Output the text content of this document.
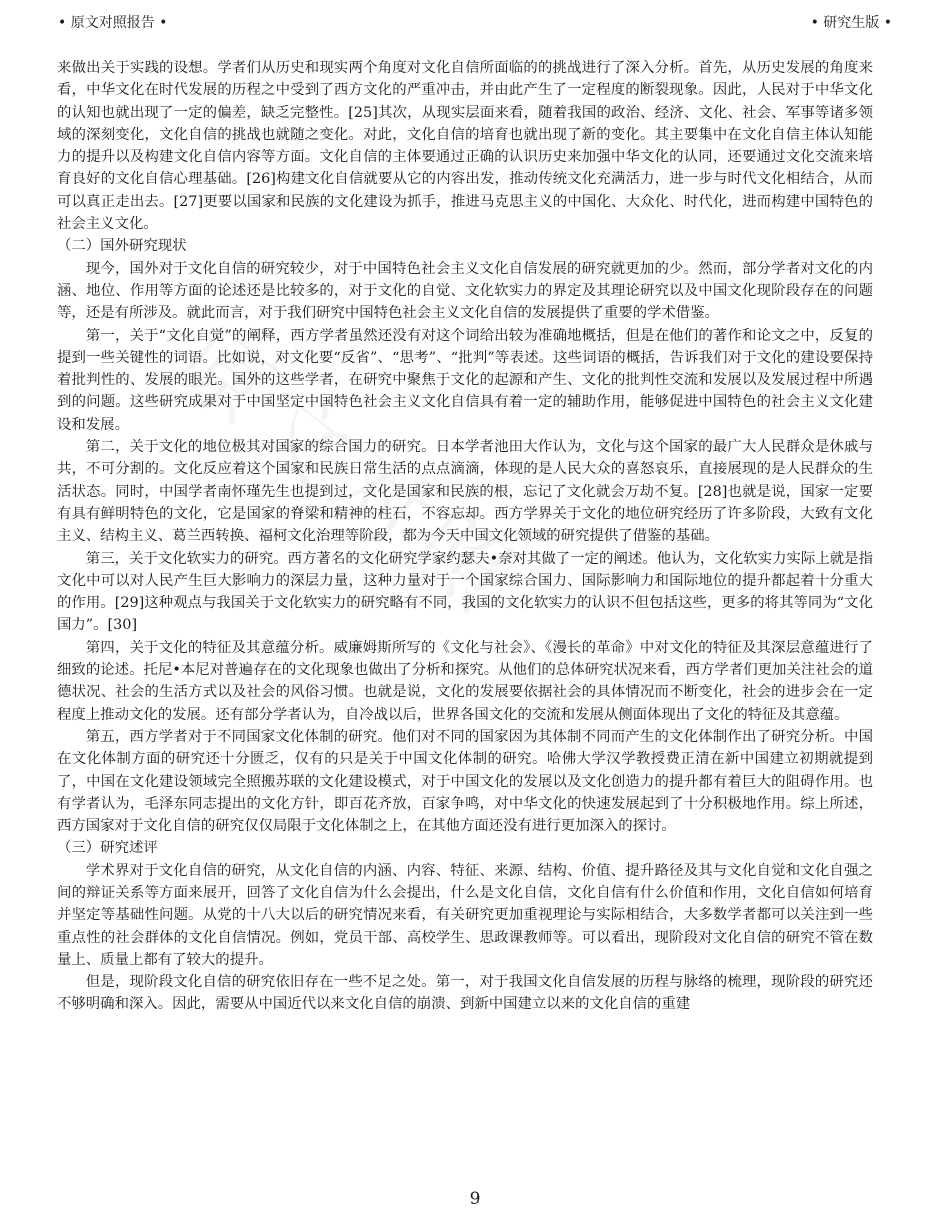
• 原文对照报告 •	• 研究生版 •

来做出关于实践的设想。学者们从历史和现实两个角度对文化自信所面临的的挑战进行了深入分析。首先，从历史发展的角度来看，中华文化在时代发展的历程之中受到了西方文化的严重冲击，并由此产生了一定程度的断裂现象。因此，人民对于中华文化的认知也就出现了一定的偏差，缺乏完整性。[25]其次，从现实层面来看，随着我国的政治、经济、文化、社会、军事等诸多领域的深刻变化，文化自信的挑战也就随之变化。对此，文化自信的培育也就出现了新的变化。其主要集中在文化自信主体认知能力的提升以及构建文化自信内容等方面。文化自信的主体要通过正确的认识历史来加强中华文化的认同，还要通过文化交流来培育良好的文化自信心理基础。[26]构建文化自信就要从它的内容出发，推动传统文化充满活力，进一步与时代文化相结合，从而可以真正走出去。[27]更要以国家和民族的文化建设为抓手，推进马克思主义的中国化、大众化、时代化，进而构建中国特色的社会主义文化。

（二）国外研究现状

现今，国外对于文化自信的研究较少，对于中国特色社会主义文化自信发展的研究就更加的少。然而，部分学者对文化的内涵、地位、作用等方面的论述还是比较多的，对于文化的自觉、文化软实力的界定及其理论研究以及中国文化现阶段存在的问题等，还是有所涉及。就此而言，对于我们研究中国特色社会主义文化自信的发展提供了重要的学术借鉴。

第一，关于“文化自觉”的阐释，西方学者虽然还没有对这个词给出较为准确地概括，但是在他们的著作和论文之中，反复的提到一些关键性的词语。比如说，对文化要“反省”、“思考”、“批判”等表述。这些词语的概括，告诉我们对于文化的建设要保持着批判性的、发展的眼光。国外的这些学者，在研究中聚焦于文化的起源和产生、文化的批判性交流和发展以及发展过程中所遇到的问题。这些研究成果对于中国坚定中国特色社会主义文化自信具有着一定的辅助作用，能够促进中国特色的社会主义文化建设和发展。

第二，关于文化的地位极其对国家的综合国力的研究。日本学者池田大作认为，文化与这个国家的最广大人民群众是休戚与共，不可分割的。文化反应着这个国家和民族日常生活的点点滴滴，体现的是人民大众的喜怒哀乐，直接展现的是人民群众的生活状态。同时，中国学者南怀瑾先生也提到过，文化是国家和民族的根，忘记了文化就会万劫不复。[28]也就是说，国家一定要有具有鲜明特色的文化，它是国家的脊梁和精神的柱石，不容忘却。西方学界关于文化的地位研究经历了许多阶段，大致有文化主义、结构主义、葛兰西转换、福柯文化治理等阶段，都为今天中国文化领域的研究提供了借鉴的基础。

第三，关于文化软实力的研究。西方著名的文化研究学家约瑟夫•奈对其做了一定的阐述。他认为，文化软实力实际上就是指文化中可以对人民产生巨大影响力的深层力量，这种力量对于一个国家综合国力、国际影响力和国际地位的提升都起着十分重大的作用。[29]这种观点与我国关于文化软实力的研究略有不同，我国的文化软实力的认识不但包括这些，更多的将其等同为“文化国力”。[30]

第四，关于文化的特征及其意蕴分析。威廉姆斯所写的《文化与社会》、《漫长的革命》中对文化的特征及其深层意蕴进行了细致的论述。托尼•本尼对普遍存在的文化现象也做出了分析和探究。从他们的总体研究状况来看，西方学者们更加关注社会的道德状况、社会的生活方式以及社会的风俗习惯。也就是说，文化的发展要依据社会的具体情况而不断变化，社会的进步会在一定程度上推动文化的发展。还有部分学者认为，自冷战以后，世界各国文化的交流和发展从侧面体现出了文化的特征及其意蕴。

第五，西方学者对于不同国家文化体制的研究。他们对不同的国家因为其体制不同而产生的文化体制作出了研究分析。中国在文化体制方面的研究还十分匮乏，仅有的只是关于中国文化体制的研究。哈佛大学汉学教授费正清在新中国建立初期就提到了，中国在文化建设领域完全照搬苏联的文化建设模式，对于中国文化的发展以及文化创造力的提升都有着巨大的阻碍作用。也有学者认为，毛泽东同志提出的文化方针，即百花齐放，百家争鸣，对中华文化的快速发展起到了十分积极地作用。综上所述，西方国家对于文化自信的研究仅仅局限于文化体制之上，在其他方面还没有进行更加深入的探讨。

（三）研究述评

学术界对于文化自信的研究，从文化自信的内涵、内容、特征、来源、结构、价值、提升路径及其与文化自觉和文化自强之间的辩证关系等方面来展开，回答了文化自信为什么会提出，什么是文化自信，文化自信有什么价值和作用，文化自信如何培育并坚定等基础性问题。从党的十八大以后的研究情况来看，有关研究更加重视理论与实际相结合，大多数学者都可以关注到一些重点性的社会群体的文化自信情况。例如，党员干部、高校学生、思政课教师等。可以看出，现阶段对文化自信的研究不管在数量上、质量上都有了较大的提升。

但是，现阶段文化自信的研究依旧存在一些不足之处。第一，对于我国文化自信发展的历程与脉络的梳理，现阶段的研究还不够明确和深入。因此，需要从中国近代以来文化自信的崩溃、到新中国建立以来的文化自信的重建

9
